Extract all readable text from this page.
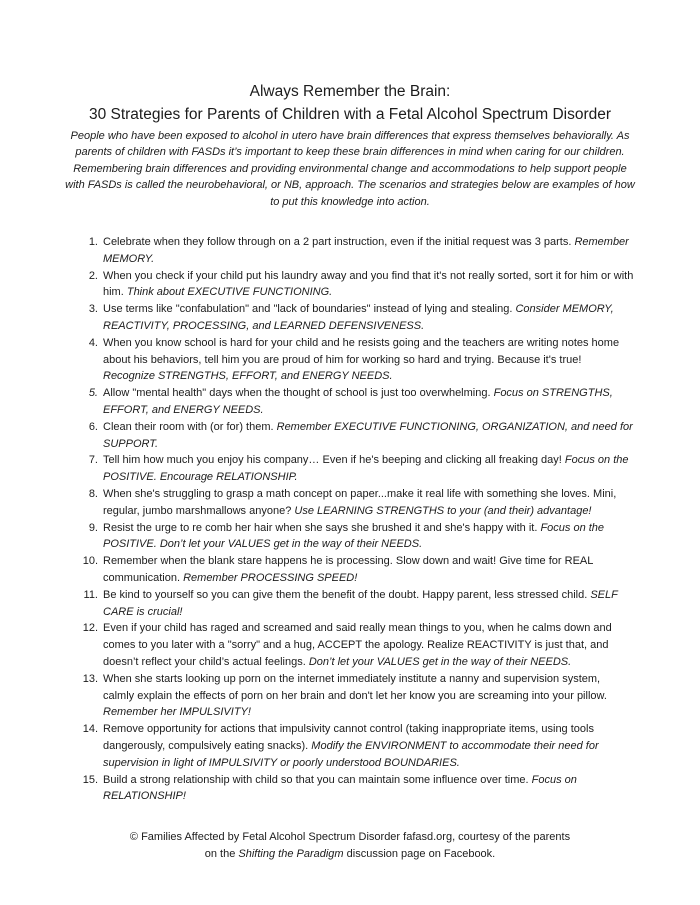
Always Remember the Brain:
30 Strategies for Parents of Children with a Fetal Alcohol Spectrum Disorder
People who have been exposed to alcohol in utero have brain differences that express themselves behaviorally. As parents of children with FASDs it’s important to keep these brain differences in mind when caring for our children. Remembering brain differences and providing environmental change and accommodations to help support people with FASDs is called the neurobehavioral, or NB, approach. The scenarios and strategies below are examples of how to put this knowledge into action.
1. Celebrate when they follow through on a 2 part instruction, even if the initial request was 3 parts. Remember MEMORY.
2. When you check if your child put his laundry away and you find that it's not really sorted, sort it for him or with him. Think about EXECUTIVE FUNCTIONING.
3. Use terms like "confabulation" and "lack of boundaries" instead of lying and stealing. Consider MEMORY, REACTIVITY, PROCESSING, and LEARNED DEFENSIVENESS.
4. When you know school is hard for your child and he resists going and the teachers are writing notes home about his behaviors, tell him you are proud of him for working so hard and trying. Because it's true! Recognize STRENGTHS, EFFORT, and ENERGY NEEDS.
5. Allow "mental health" days when the thought of school is just too overwhelming. Focus on STRENGTHS, EFFORT, and ENERGY NEEDS.
6. Clean their room with (or for) them. Remember EXECUTIVE FUNCTIONING, ORGANIZATION, and need for SUPPORT.
7. Tell him how much you enjoy his company… Even if he's beeping and clicking all freaking day! Focus on the POSITIVE. Encourage RELATIONSHIP.
8. When she's struggling to grasp a math concept on paper...make it real life with something she loves. Mini, regular, jumbo marshmallows anyone? Use LEARNING STRENGTHS to your (and their) advantage!
9. Resist the urge to re comb her hair when she says she brushed it and she's happy with it. Focus on the POSITIVE. Don’t let your VALUES get in the way of their NEEDS.
10. Remember when the blank stare happens he is processing. Slow down and wait! Give time for REAL communication. Remember PROCESSING SPEED!
11. Be kind to yourself so you can give them the benefit of the doubt. Happy parent, less stressed child. SELF CARE is crucial!
12. Even if your child has raged and screamed and said really mean things to you, when he calms down and comes to you later with a "sorry" and a hug, ACCEPT the apology. Realize REACTIVITY is just that, and doesn’t reflect your child’s actual feelings. Don’t let your VALUES get in the way of their NEEDS.
13. When she starts looking up porn on the internet immediately institute a nanny and supervision system, calmly explain the effects of porn on her brain and don't let her know you are screaming into your pillow. Remember her IMPULSIVITY!
14. Remove opportunity for actions that impulsivity cannot control (taking inappropriate items, using tools dangerously, compulsively eating snacks). Modify the ENVIRONMENT to accommodate their need for supervision in light of IMPULSIVITY or poorly understood BOUNDARIES.
15. Build a strong relationship with child so that you can maintain some influence over time. Focus on RELATIONSHIP!
© Families Affected by Fetal Alcohol Spectrum Disorder fafasd.org, courtesy of the parents
on the Shifting the Paradigm discussion page on Facebook.
